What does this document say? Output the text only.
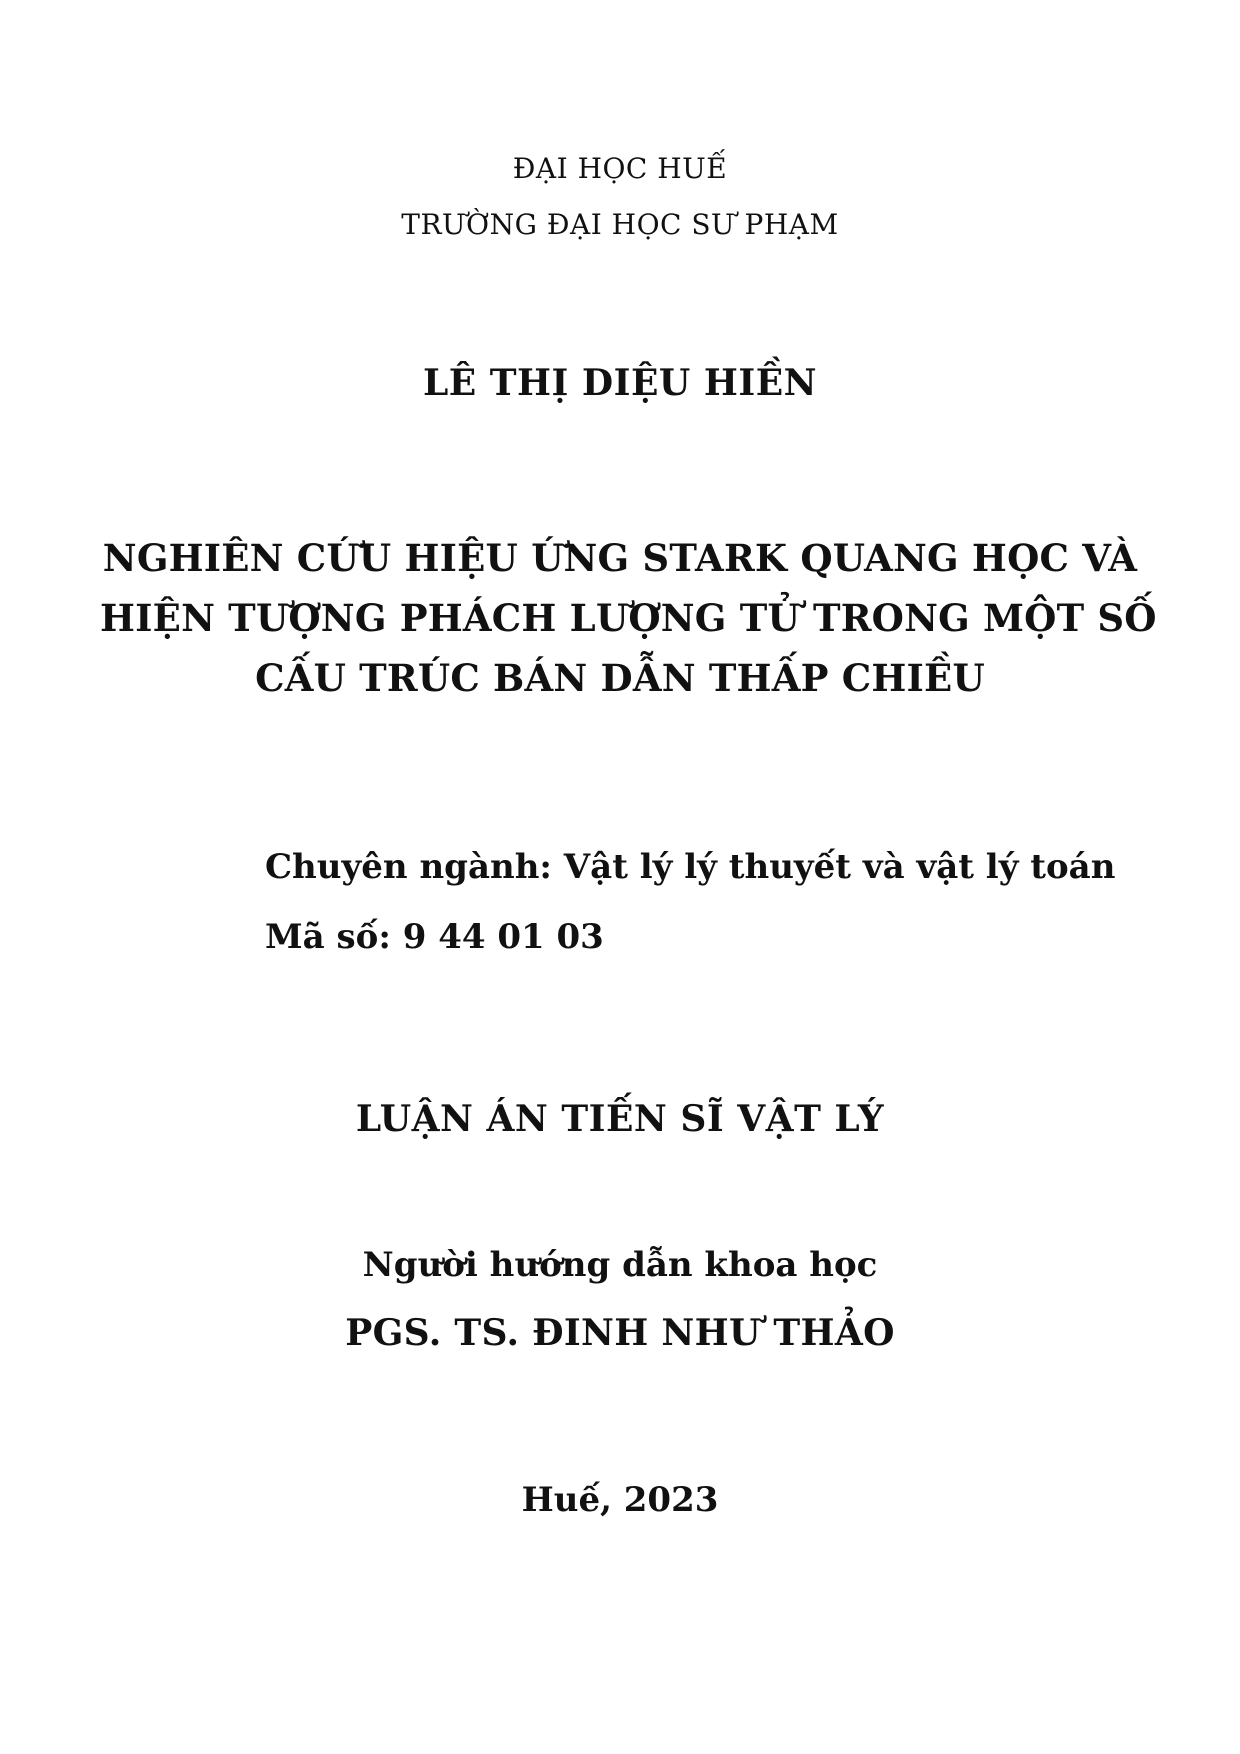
ĐẠI HỌC HUẾ
TRƯỜNG ĐẠI HỌC SƯ PHẠM
LÊ THỊ DIỆU HIỀN
NGHIÊN CỨU HIỆU ỨNG STARK QUANG HỌC VÀ
HIỆN TƯỢNG PHÁCH LƯỢNG TỬ TRONG MỘT SỐ
CẤU TRÚC BÁN DẪN THẤP CHIỀU
Chuyên ngành: Vật lý lý thuyết và vật lý toán
Mã số: 9 44 01 03
LUẬN ÁN TIẾN SĨ VẬT LÝ
Người hướng dẫn khoa học
PGS. TS. ĐINH NHƯ THẢO
Huế, 2023
